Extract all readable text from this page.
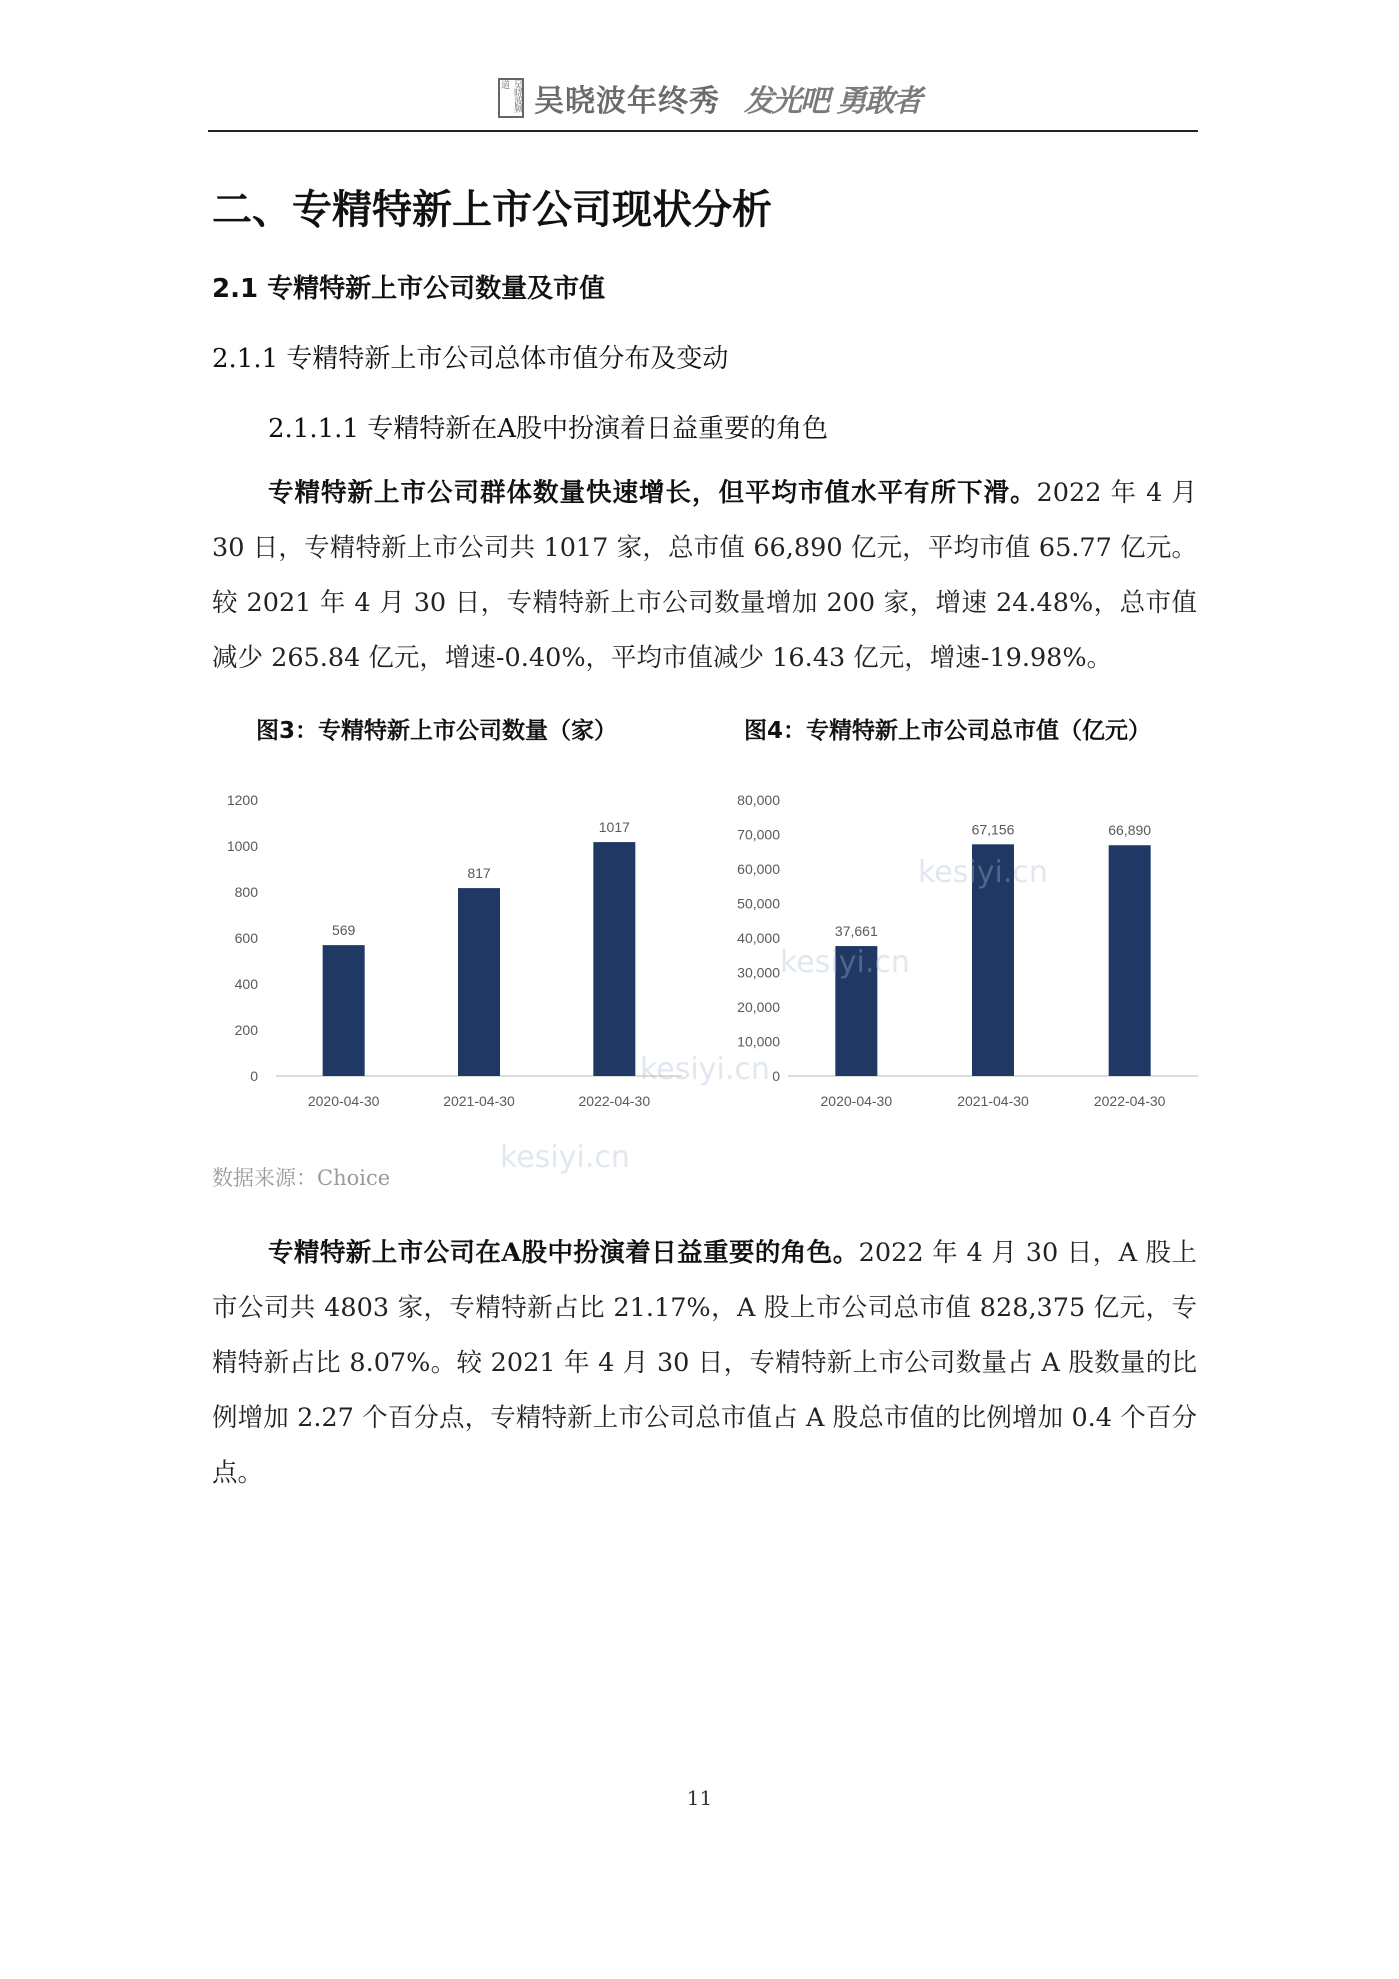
吴晓波频道 吴晓波年终秀 发光吧 勇敢者
二、专精特新上市公司现状分析
2.1 专精特新上市公司数量及市值
2.1.1 专精特新上市公司总体市值分布及变动
2.1.1.1 专精特新在A股中扮演着日益重要的角色

专精特新上市公司群体数量快速增长，但平均市值水平有所下滑。2022 年 4 月 30 日，专精特新上市公司共 1017 家，总市值 66,890 亿元，平均市值 65.77 亿元。较 2021 年 4 月 30 日，专精特新上市公司数量增加 200 家，增速 24.48%，总市值减少 265.84 亿元，增速-0.40%，平均市值减少 16.43 亿元，增速-19.98%。

图3：专精特新上市公司数量（家）	图4：专精特新上市公司总市值（亿元）
0
200
400
600
800
1000
1200
569
2020-04-30
817
2021-04-30
1017
2022-04-30
0
10,000
20,000
30,000
40,000
50,000
60,000
70,000
80,000
37,661
2020-04-30
67,156
2021-04-30
66,890
2022-04-30
数据来源：Choice
kesiyi.cn
kesiyi.cn
kesiyi.cn
kesiyi.cn

专精特新上市公司在A股中扮演着日益重要的角色。2022 年 4 月 30 日，A 股上市公司共 4803 家，专精特新占比 21.17%，A 股上市公司总市值 828,375 亿元，专精特新占比 8.07%。较 2021 年 4 月 30 日，专精特新上市公司数量占 A 股数量的比例增加 2.27 个百分点，专精特新上市公司总市值占 A 股总市值的比例增加 0.4 个百分点。

11
